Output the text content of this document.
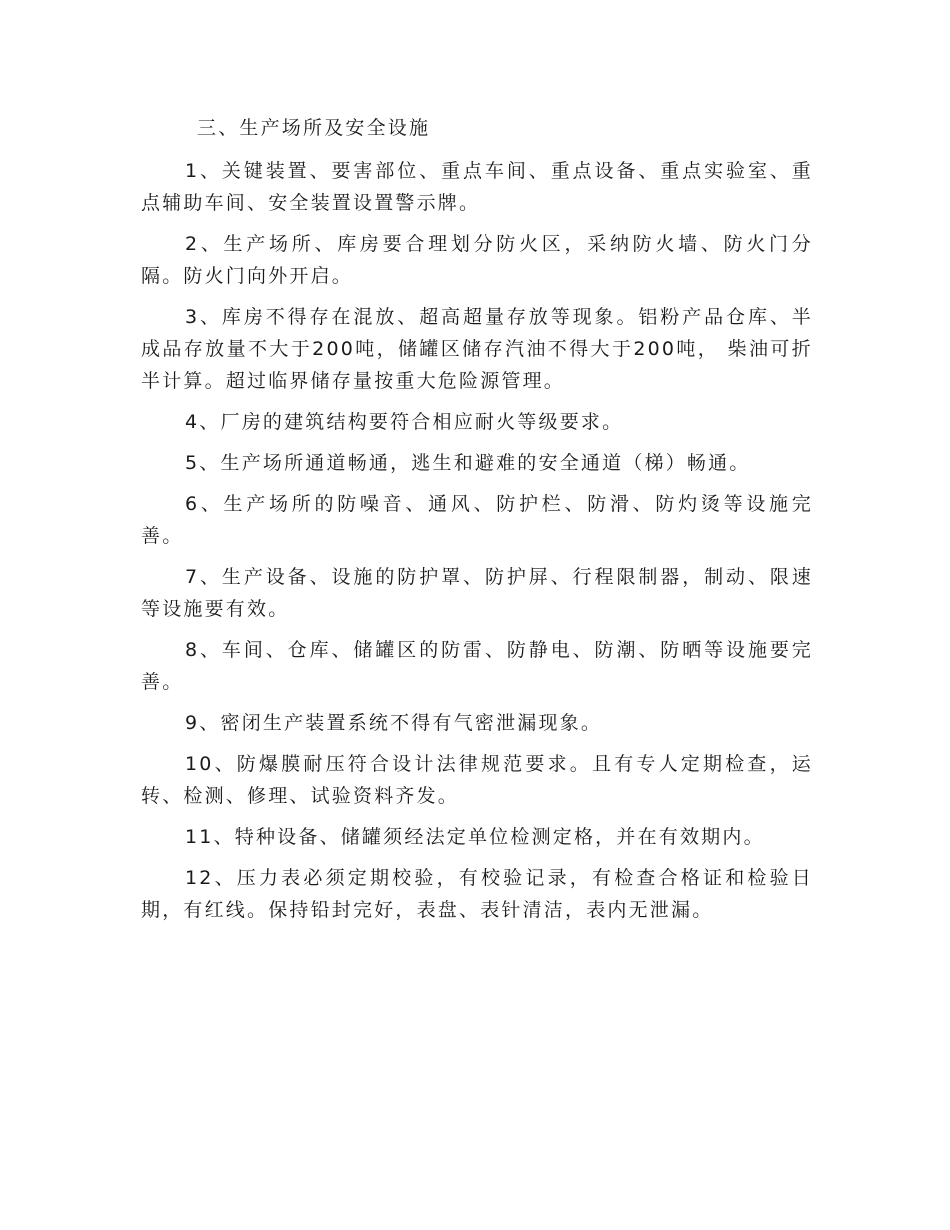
三、生产场所及安全设施

1、关键装置、要害部位、重点车间、重点设备、重点实验室、重点辅助车间、安全装置设置警示牌。

2、生产场所、库房要合理划分防火区，采纳防火墙、防火门分隔。防火门向外开启。

3、库房不得存在混放、超高超量存放等现象。铝粉产品仓库、半成品存放量不大于200吨，储罐区储存汽油不得大于200吨， 柴油可折半计算。超过临界储存量按重大危险源管理。

4、厂房的建筑结构要符合相应耐火等级要求。

5、生产场所通道畅通，逃生和避难的安全通道（梯）畅通。

6、生产场所的防噪音、通风、防护栏、防滑、防灼烫等设施完善。

7、生产设备、设施的防护罩、防护屏、行程限制器，制动、限速等设施要有效。

8、车间、仓库、储罐区的防雷、防静电、防潮、防晒等设施要完善。

9、密闭生产装置系统不得有气密泄漏现象。

10、防爆膜耐压符合设计法律规范要求。且有专人定期检查，运转、检测、修理、试验资料齐发。

11、特种设备、储罐须经法定单位检测定格，并在有效期内。

12、压力表必须定期校验，有校验记录，有检查合格证和检验日期，有红线。保持铅封完好，表盘、表针清洁，表内无泄漏。
